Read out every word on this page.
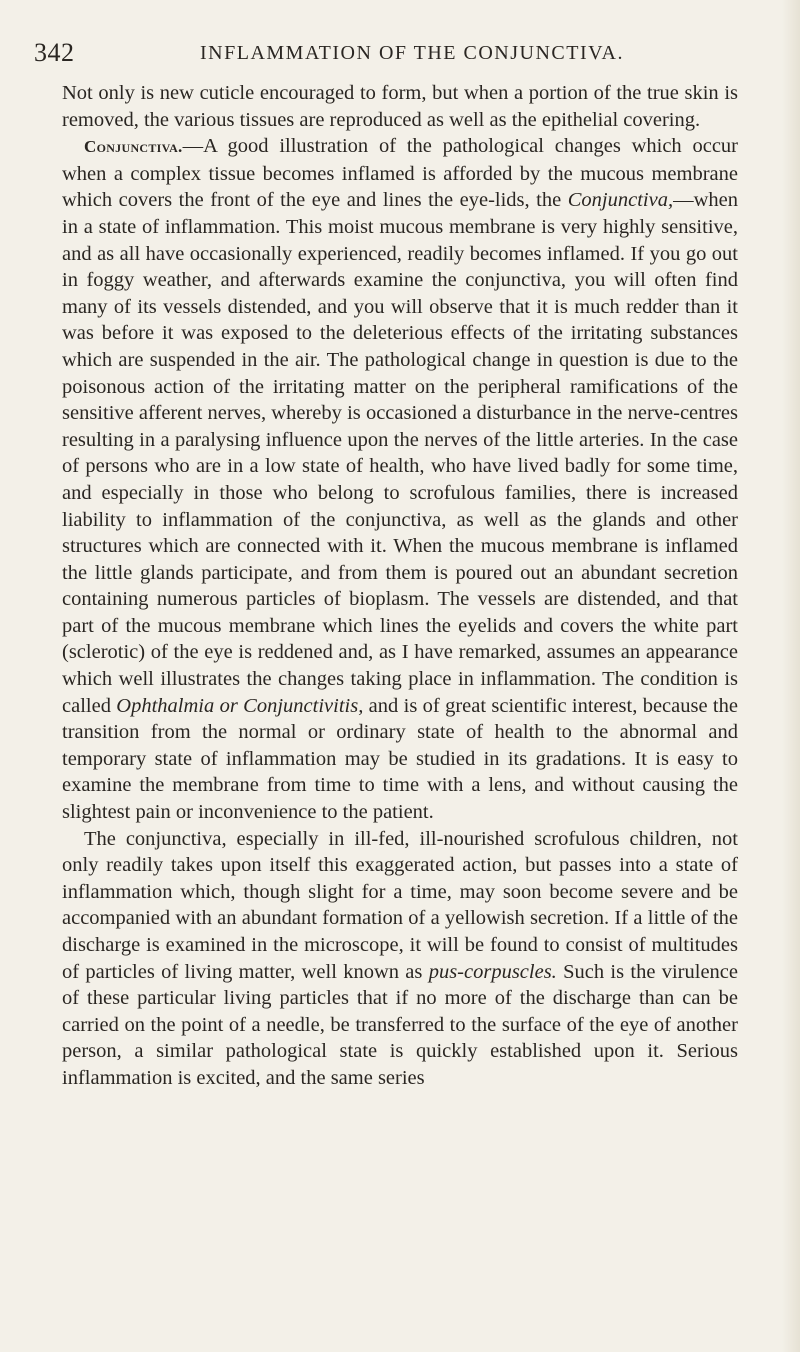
342	INFLAMMATION OF THE CONJUNCTIVA.

Not only is new cuticle encouraged to form, but when a portion of the true skin is removed, the various tissues are reproduced as well as the epithelial covering.

Conjunctiva.—A good illustration of the pathological changes which occur when a complex tissue becomes inflamed is afforded by the mucous membrane which covers the front of the eye and lines the eye-lids, the Conjunctiva,—when in a state of inflammation. This moist mucous membrane is very highly sensitive, and as all have occasionally experienced, readily becomes inflamed. If you go out in foggy weather, and afterwards examine the conjunctiva, you will often find many of its vessels distended, and you will observe that it is much redder than it was before it was exposed to the deleterious effects of the irritating substances which are suspended in the air. The pathological change in question is due to the poisonous action of the irritating matter on the peripheral ramifications of the sensitive afferent nerves, whereby is occasioned a disturbance in the nerve-centres resulting in a paralysing influence upon the nerves of the little arteries. In the case of persons who are in a low state of health, who have lived badly for some time, and especially in those who belong to scrofulous families, there is increased liability to inflammation of the conjunctiva, as well as the glands and other structures which are connected with it. When the mucous membrane is inflamed the little glands participate, and from them is poured out an abundant secretion containing numerous particles of bioplasm. The vessels are distended, and that part of the mucous membrane which lines the eyelids and covers the white part (sclerotic) of the eye is reddened and, as I have remarked, assumes an appearance which well illustrates the changes taking place in inflammation. The condition is called Ophthalmia or Conjunctivitis, and is of great scientific interest, because the transition from the normal or ordinary state of health to the abnormal and temporary state of inflammation may be studied in its gradations. It is easy to examine the membrane from time to time with a lens, and without causing the slightest pain or inconvenience to the patient.

The conjunctiva, especially in ill-fed, ill-nourished scrofulous children, not only readily takes upon itself this exaggerated action, but passes into a state of inflammation which, though slight for a time, may soon become severe and be accompanied with an abundant formation of a yellowish secretion. If a little of the discharge is examined in the microscope, it will be found to consist of multitudes of particles of living matter, well known as pus-corpuscles. Such is the virulence of these particular living particles that if no more of the discharge than can be carried on the point of a needle, be transferred to the surface of the eye of another person, a similar pathological state is quickly established upon it. Serious inflammation is excited, and the same series
